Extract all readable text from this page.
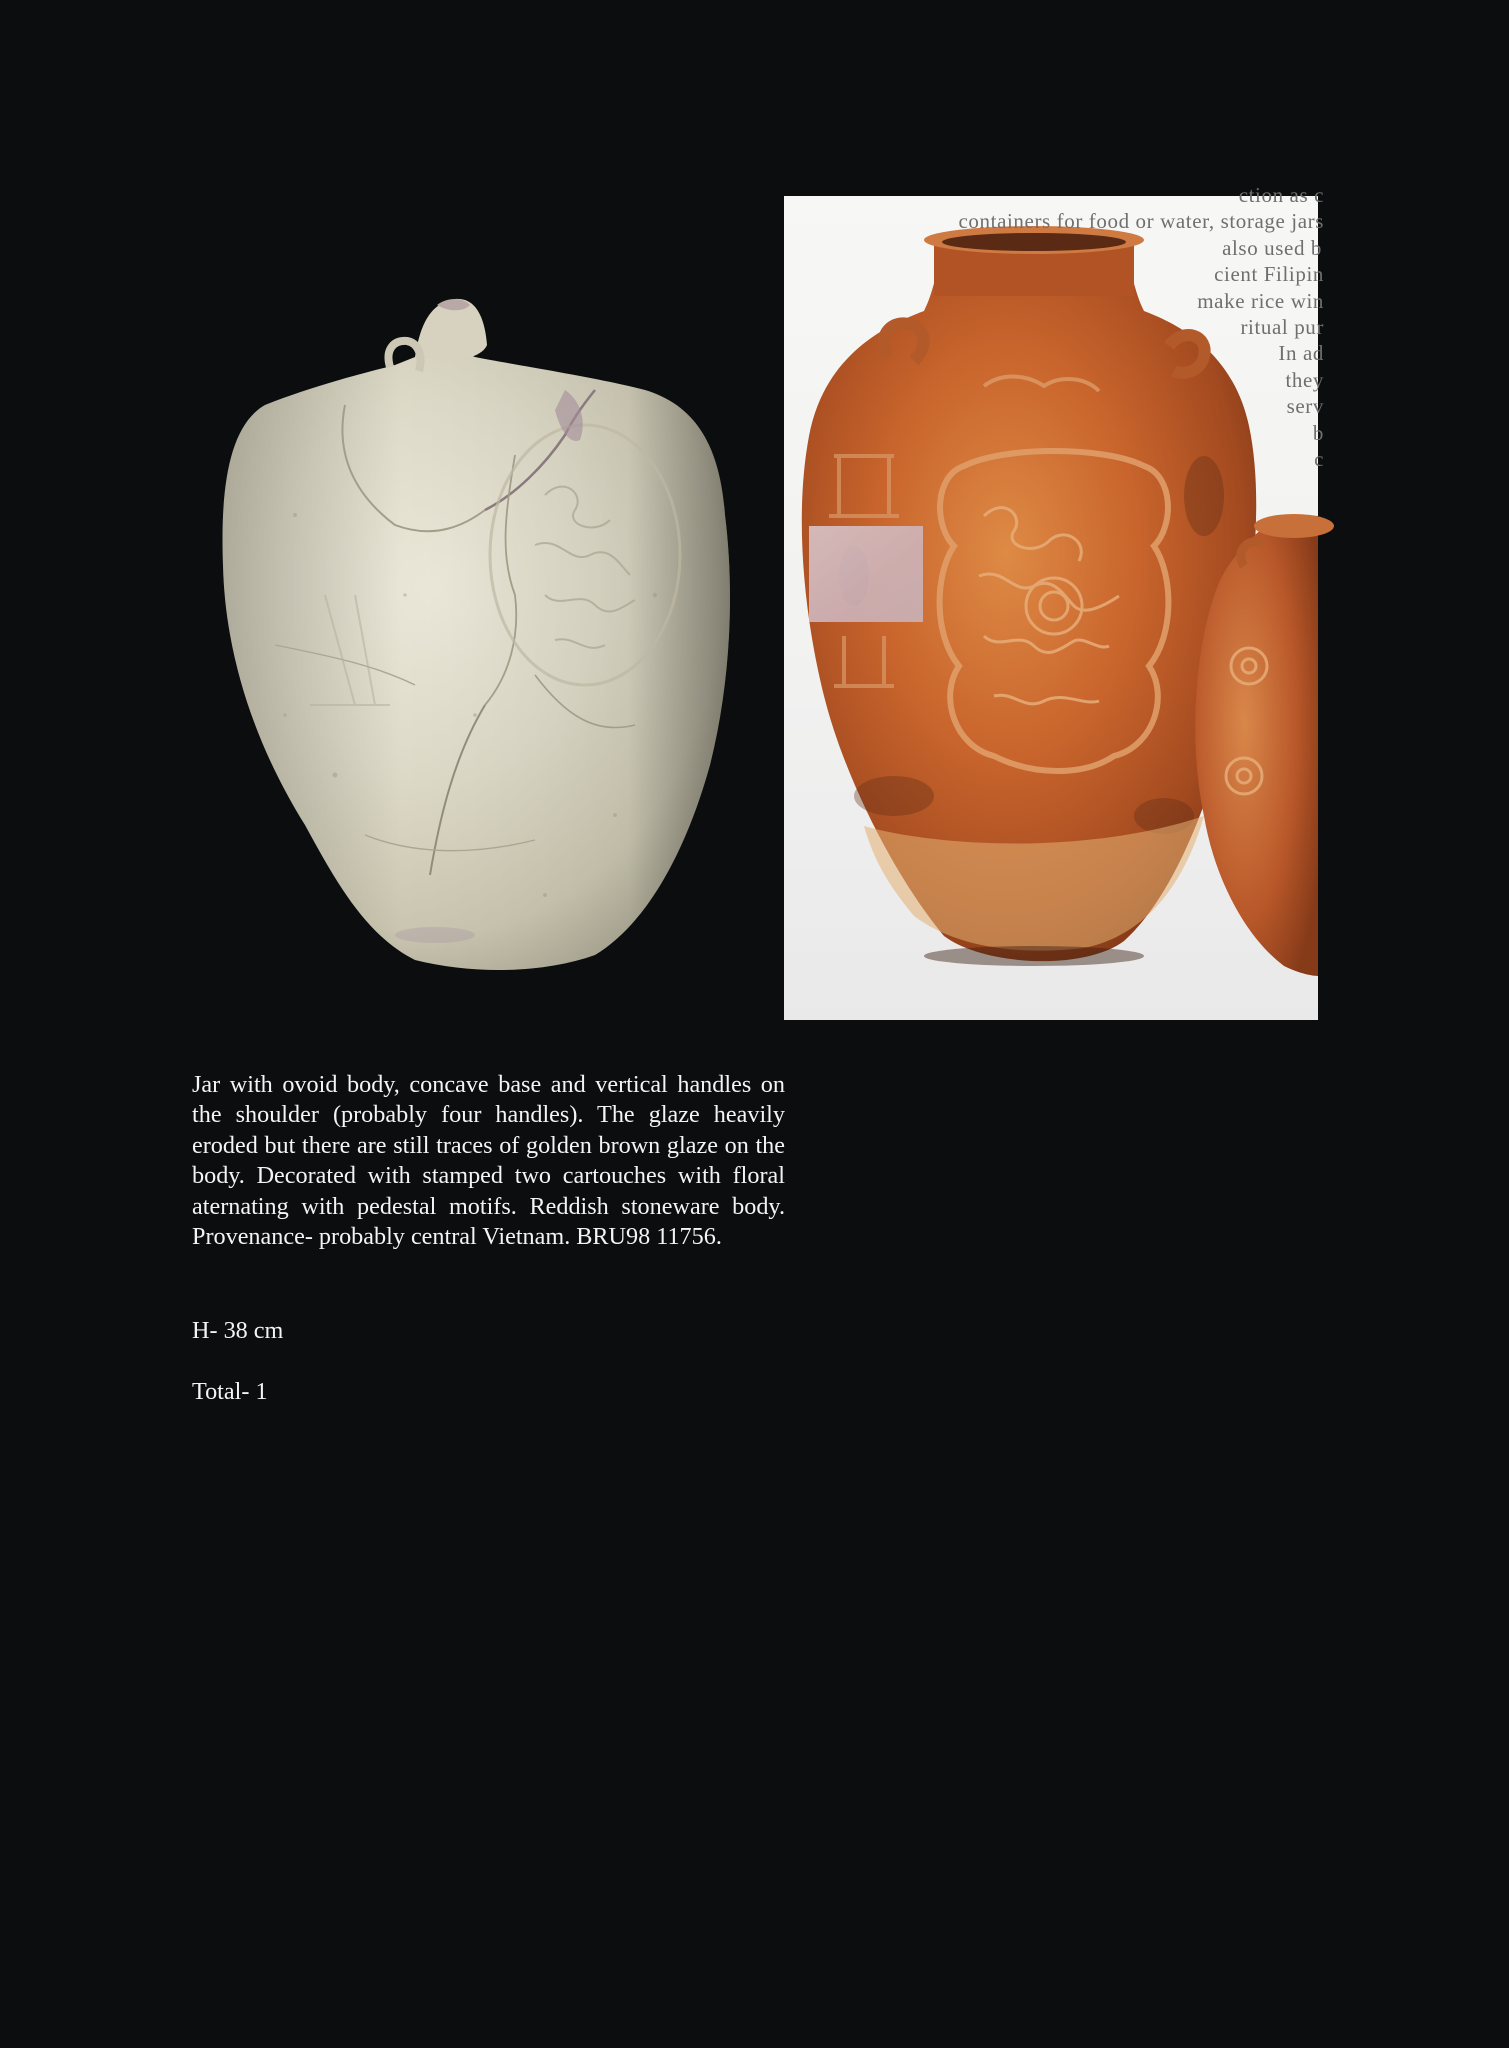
ction as c
containers for food or water, storage jars
also used b
cient Filipin
make rice win
ritual pur
In ad
they
serv
b
c

Jar with ovoid body, concave base and vertical handles on the shoulder (probably four handles). The glaze heavily eroded but there are still traces of golden brown glaze on the body. Decorated with stamped two cartouches with floral aternating with pedestal motifs. Reddish stoneware body. Provenance- probably central Vietnam. BRU98 11756.

H- 38 cm

Total- 1
